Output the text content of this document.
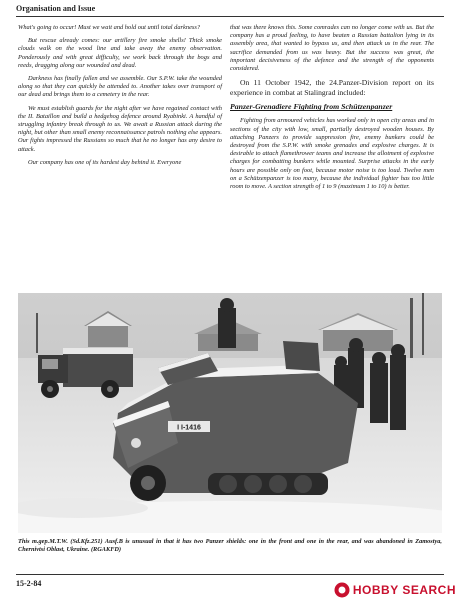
Organisation and Issue

What's going to occur! Must we wait and hold out until total darkness?

But rescue already comes: our artillery fire smoke shells! Thick smoke clouds walk on the wood line and take away the enemy observation. Ponderously and with great difficulty, we work back through the bogs and reeds, dragging along our wounded and dead.

Darkness has finally fallen and we assemble. Our S.P.W. take the wounded along so that they can quickly be attended to. Another takes over transport of our dead and brings them to a cemetery in the rear.

We must establish guards for the night after we have regained contact with the II. Bataillon and build a hedgehog defence around Ryabinki. A handful of struggling infantry break through to us. We await a Russian attack during the night, but other than small enemy reconnaissance patrols nothing else appears. Our fights impressed the Russians so much that he no longer has any desire to attack.

Our company has one of its hardest day behind it. Everyone

that was there knows this. Some comrades can no longer come with us. But the company has a proud feeling, to have beaten a Russian battalion lying in its assembly area, that wanted to bypass us, and then attack us in the rear. The sacrifice demanded from us was heavy. But the success was great, the important decisiveness of the defence and the strength of the opponents considered.

On 11 October 1942, the 24.Panzer-Division report on its experience in combat at Stalingrad included:

Panzer-Grenadiere Fighting from Schützenpanzer

Fighting from armoured vehicles has worked only in open city areas and in sections of the city with low, small, partially destroyed wooden houses. By attaching Panzers to provide suppression fire, enemy bunkers could be destroyed from the S.P.W. with smoke grenades and explosive charges. It is desirable to attach flamethrower teams and increase the allotment of explosive charges for combatting bunkers while mounted. Surprise attacks in the early hours are possible only on foot, because motor noise is too loud. Twelve men on a Schützenpanzer is too many, because the individual fighter has too little room to move. A section strength of 1 to 9 (maximum 1 to 10) is better.

I I-1416
This m.gep.M.T.W. (Sd.Kfz.251) Ausf.B is unusual in that it has two Panzer shields: one in the front and one in the rear, and was abandoned in Zamostya, Chernivtsi Oblast, Ukraine. (RGAKFD)
15-2-84	HOBBY SEARCH
